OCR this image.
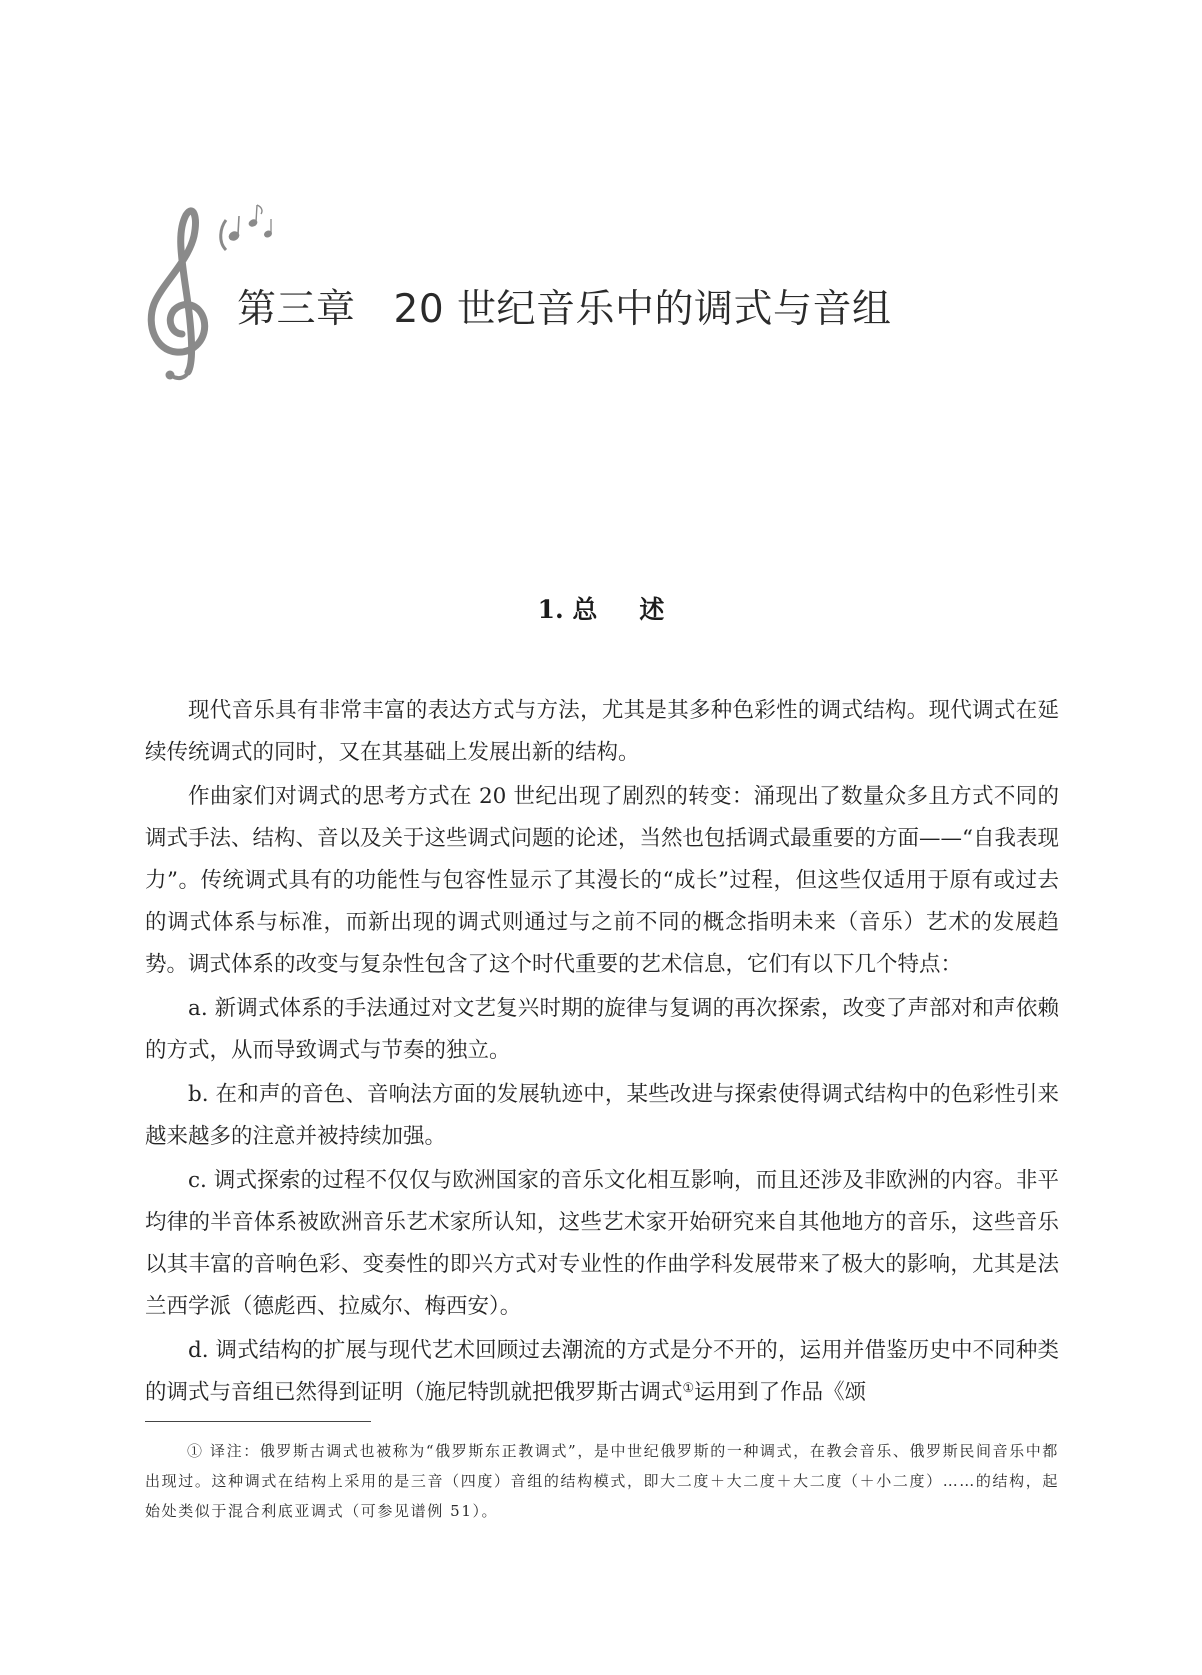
第三章 20 世纪音乐中的调式与音组
1. 总 述

现代音乐具有非常丰富的表达方式与方法，尤其是其多种色彩性的调式结构。现代调式在延续传统调式的同时，又在其基础上发展出新的结构。

作曲家们对调式的思考方式在 20 世纪出现了剧烈的转变：涌现出了数量众多且方式不同的调式手法、结构、音以及关于这些调式问题的论述，当然也包括调式最重要的方面——“自我表现力”。传统调式具有的功能性与包容性显示了其漫长的“成长”过程，但这些仅适用于原有或过去的调式体系与标准，而新出现的调式则通过与之前不同的概念指明未来（音乐）艺术的发展趋势。调式体系的改变与复杂性包含了这个时代重要的艺术信息，它们有以下几个特点：

a. 新调式体系的手法通过对文艺复兴时期的旋律与复调的再次探索，改变了声部对和声依赖的方式，从而导致调式与节奏的独立。

b. 在和声的音色、音响法方面的发展轨迹中，某些改进与探索使得调式结构中的色彩性引来越来越多的注意并被持续加强。

c. 调式探索的过程不仅仅与欧洲国家的音乐文化相互影响，而且还涉及非欧洲的内容。非平均律的半音体系被欧洲音乐艺术家所认知，这些艺术家开始研究来自其他地方的音乐，这些音乐以其丰富的音响色彩、变奏性的即兴方式对专业性的作曲学科发展带来了极大的影响，尤其是法兰西学派（德彪西、拉威尔、梅西安）。

d. 调式结构的扩展与现代艺术回顾过去潮流的方式是分不开的，运用并借鉴历史中不同种类的调式与音组已然得到证明（施尼特凯就把俄罗斯古调式①运用到了作品《颂

① 译注：俄罗斯古调式也被称为“俄罗斯东正教调式”，是中世纪俄罗斯的一种调式，在教会音乐、俄罗斯民间音乐中都出现过。这种调式在结构上采用的是三音（四度）音组的结构模式，即大二度＋大二度＋大二度（＋小二度）……的结构，起始处类似于混合利底亚调式（可参见谱例 51）。
